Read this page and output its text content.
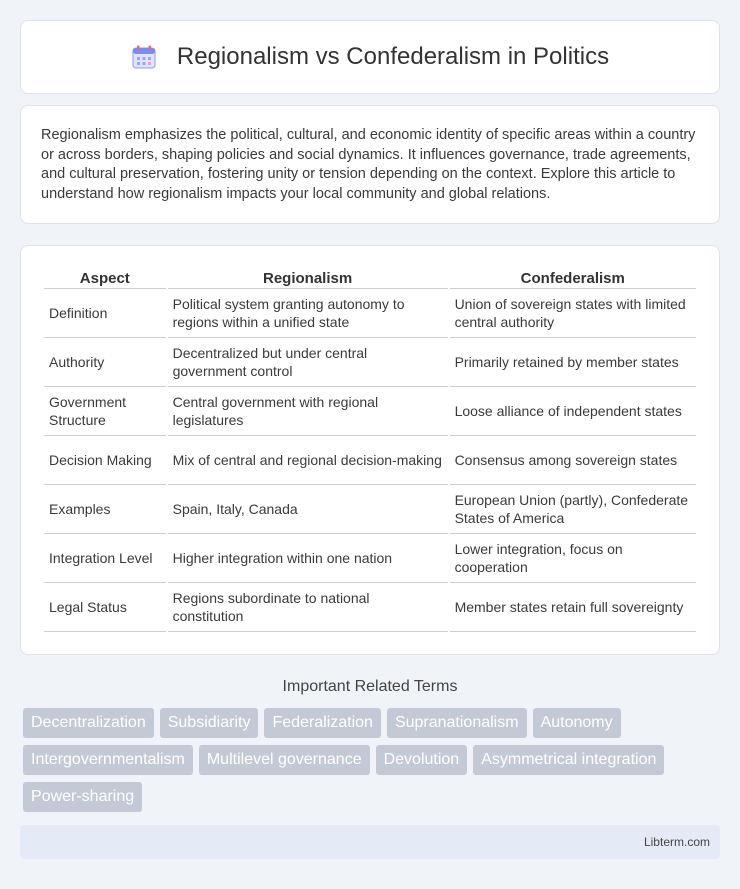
Regionalism vs Confederalism in Politics

Regionalism emphasizes the political, cultural, and economic identity of specific areas within a country or across borders, shaping policies and social dynamics. It influences governance, trade agreements, and cultural preservation, fostering unity or tension depending on the context. Explore this article to understand how regionalism impacts your local community and global relations.

Aspect	Regionalism	Confederalism
Definition	Political system granting autonomy to regions within a unified state	Union of sovereign states with limited central authority
Authority	Decentralized but under central government control	Primarily retained by member states
Government Structure	Central government with regional legislatures	Loose alliance of independent states
Decision Making	Mix of central and regional decision-making	Consensus among sovereign states
Examples	Spain, Italy, Canada	European Union (partly), Confederate States of America
Integration Level	Higher integration within one nation	Lower integration, focus on cooperation
Legal Status	Regions subordinate to national constitution	Member states retain full sovereignty
Important Related Terms
Decentralization	Subsidiarity	Federalization	Supranationalism	Autonomy
Intergovernmentalism	Multilevel governance	Devolution	Asymmetrical integration
Power-sharing
Libterm.com
